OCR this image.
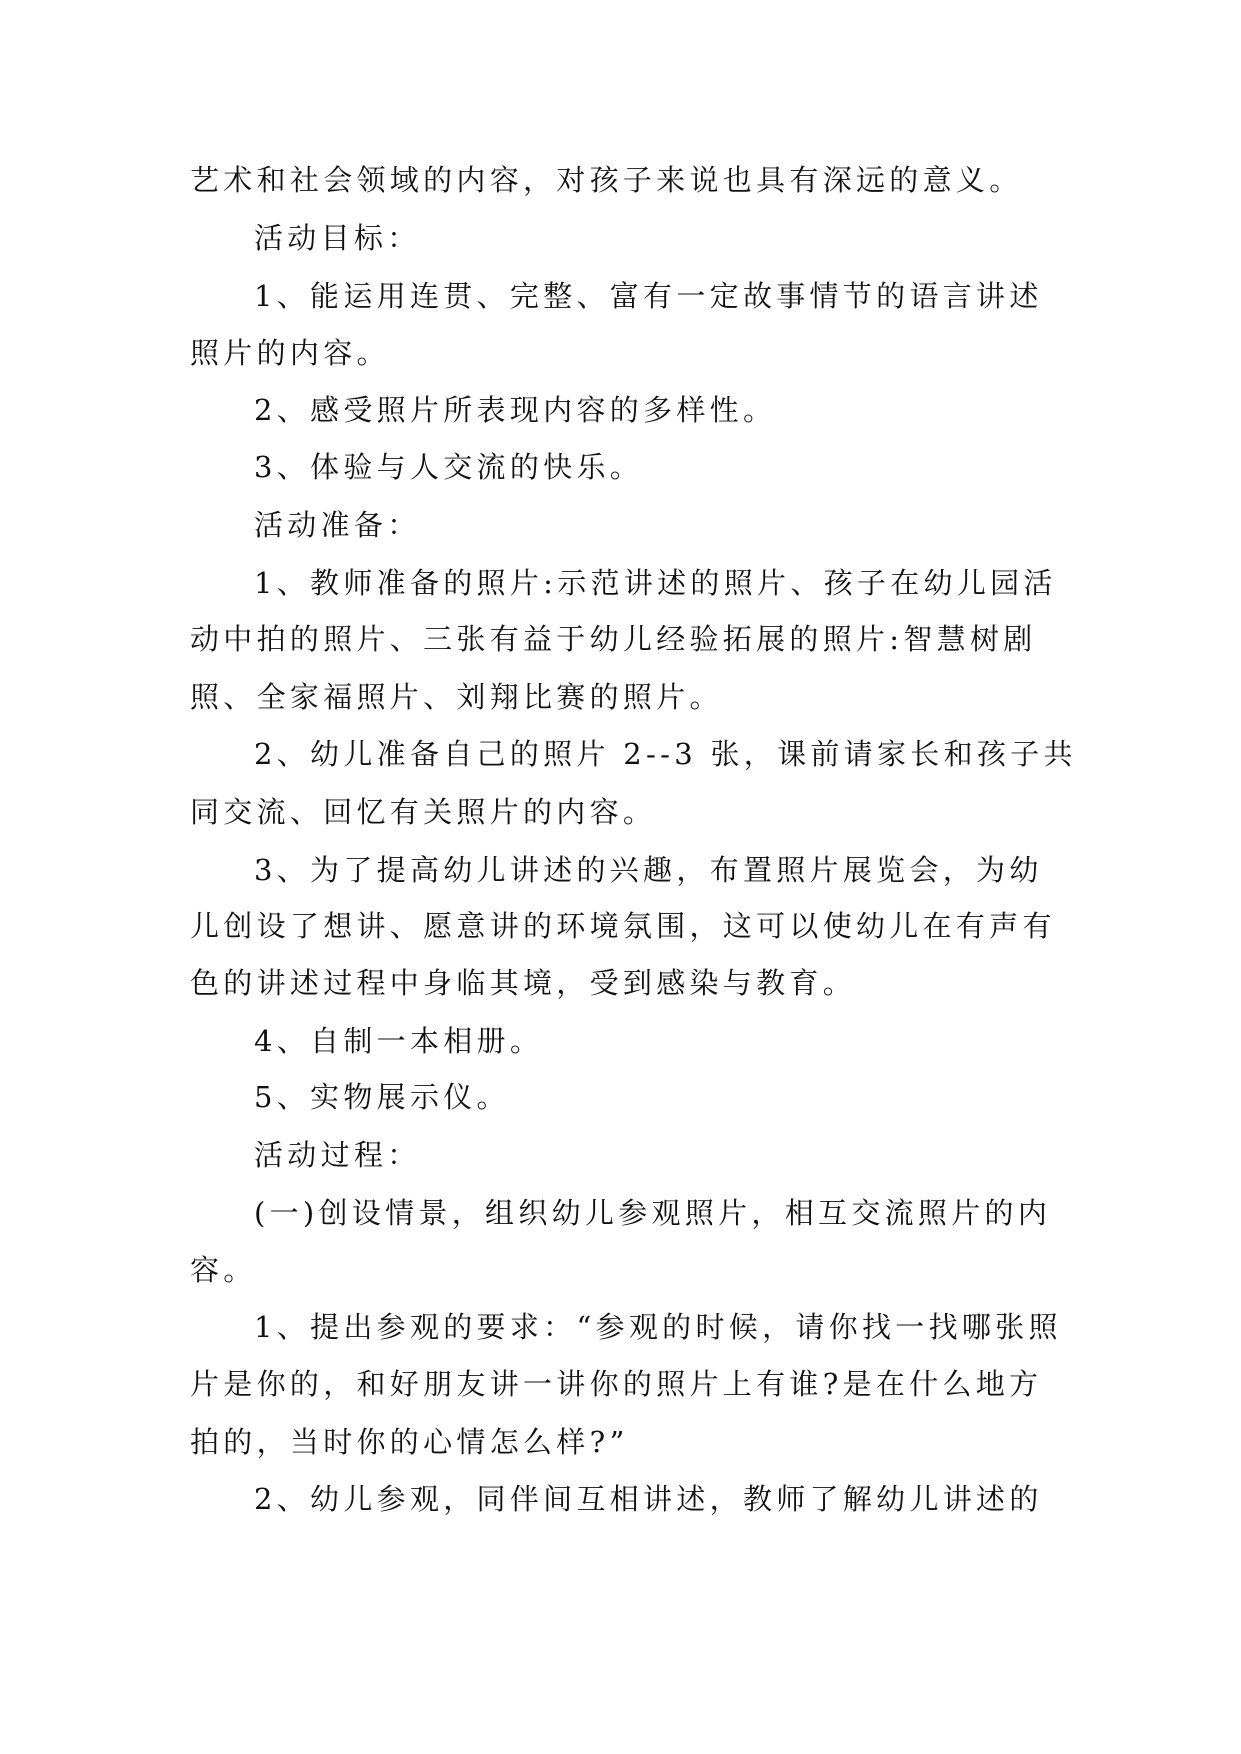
艺术和社会领域的内容，对孩子来说也具有深远的意义。
活动目标：
1、能运用连贯、完整、富有一定故事情节的语言讲述
照片的内容。
2、感受照片所表现内容的多样性。
3、体验与人交流的快乐。
活动准备：
1、教师准备的照片:示范讲述的照片、孩子在幼儿园活
动中拍的照片、三张有益于幼儿经验拓展的照片:智慧树剧
照、全家福照片、刘翔比赛的照片。
2、幼儿准备自己的照片 2--3 张，课前请家长和孩子共
同交流、回忆有关照片的内容。
3、为了提高幼儿讲述的兴趣，布置照片展览会，为幼
儿创设了想讲、愿意讲的环境氛围，这可以使幼儿在有声有
色的讲述过程中身临其境，受到感染与教育。
4、自制一本相册。
5、实物展示仪。
活动过程：
(一)创设情景，组织幼儿参观照片，相互交流照片的内
容。
1、提出参观的要求：“参观的时候，请你找一找哪张照
片是你的，和好朋友讲一讲你的照片上有谁?是在什么地方
拍的，当时你的心情怎么样?”
2、幼儿参观，同伴间互相讲述，教师了解幼儿讲述的
